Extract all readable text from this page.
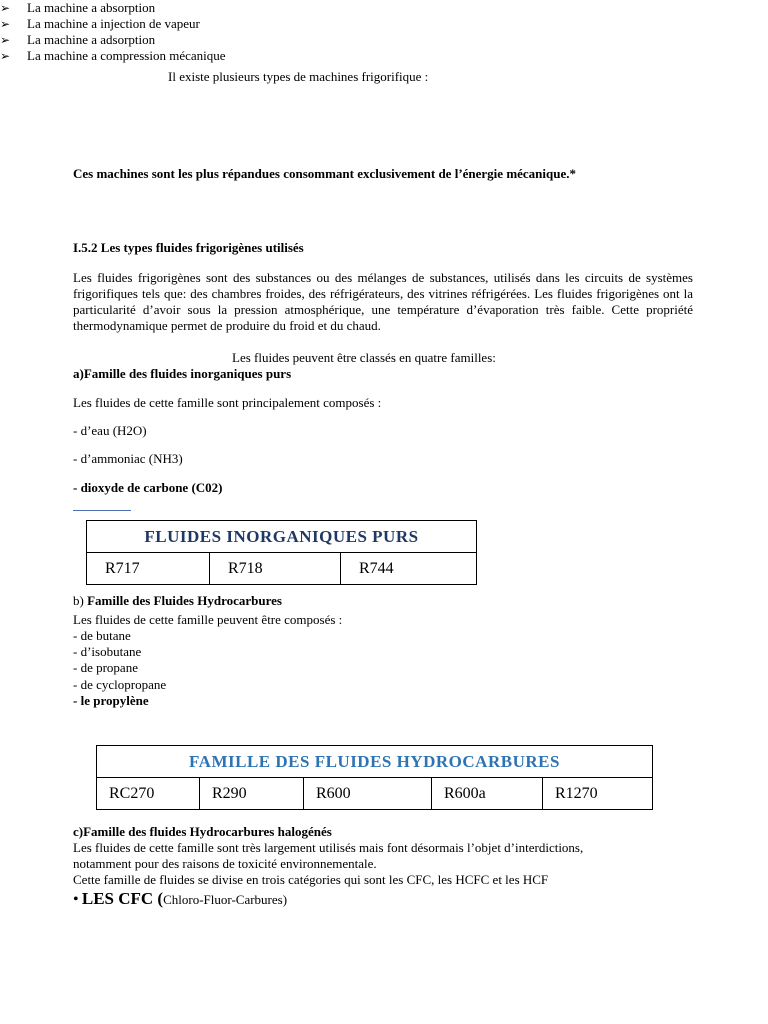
Il existe plusieurs types de machines frigorifique :
➢	La machine a absorption
➢	La machine a injection de vapeur
➢	La machine a adsorption
➢	La machine a compression mécanique
Ces machines sont les plus répandues consommant exclusivement de l’énergie mécanique.*
I.5.2 Les types fluides frigorigènes utilisés
Les fluides frigorigènes sont des substances ou des mélanges de substances, utilisés dans les circuits de systèmes frigorifiques tels que: des chambres froides, des réfrigérateurs, des vitrines réfrigérées. Les fluides frigorigènes ont la particularité d’avoir sous la pression atmosphérique, une température d’évaporation très faible. Cette propriété thermodynamique permet de produire du froid et du chaud.
Les fluides peuvent être classés en quatre familles:
a)Famille des fluides inorganiques purs
Les fluides de cette famille sont principalement composés :
- d’eau (H2O)
- d’ammoniac (NH3)
- dioxyde de carbone (C02)
FLUIDES INORGANIQUES PURS
R717	R718	R744
b) Famille des Fluides Hydrocarbures
Les fluides de cette famille peuvent être composés :
- de butane
- d’isobutane
- de propane
- de cyclopropane
- le propylène
FAMILLE DES FLUIDES HYDROCARBURES
RC270	R290	R600	R600a	R1270
c)Famille des fluides Hydrocarbures halogénés
Les fluides de cette famille sont très largement utilisés mais font désormais l’objet d’interdictions,
notamment pour des raisons de toxicité environnementale.
Cette famille de fluides se divise en trois catégories qui sont les CFC, les HCFC et les HCF
• LES CFC (Chloro-Fluor-Carbures)
